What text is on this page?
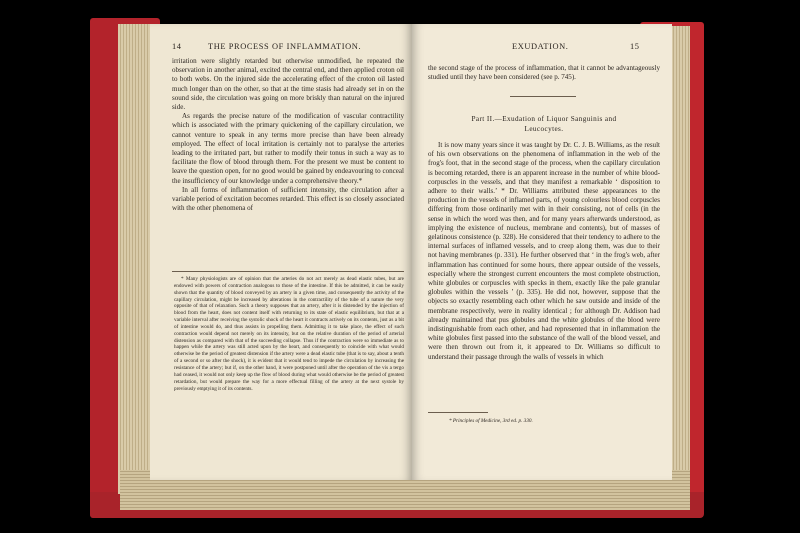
14	THE PROCESS OF INFLAMMATION.

irritation were slightly retarded but otherwise unmodified, he repeated the observation in another animal, excited the central end, and then applied croton oil to both webs. On the injured side the accelerating effect of the croton oil lasted much longer than on the other, so that at the time stasis had already set in on the sound side, the circulation was going on more briskly than natural on the injured side.

As regards the precise nature of the modification of vascular contractility which is associated with the primary quickening of the capillary circulation, we cannot venture to speak in any terms more precise than have been already employed. The effect of local irritation is certainly not to paralyse the arteries leading to the irritated part, but rather to modify their tonus in such a way as to facilitate the flow of blood through them. For the present we must be content to leave the question open, for no good would be gained by endeavouring to conceal the insufficiency of our knowledge under a comprehensive theory.*

In all forms of inflammation of sufficient intensity, the circulation after a variable period of excitation becomes retarded. This effect is so closely associated with the other phenomena of

* Many physiologists are of opinion that the arteries do not act merely as dead elastic tubes, but are endowed with powers of contraction analogous to those of the intestine. If this be admitted, it can be easily shown that the quantity of blood conveyed by an artery in a given time, and consequently the activity of the capillary circulation, might be increased by alterations in the contractility of the tube of a nature the very opposite of that of relaxation. Such a theory supposes that an artery, after it is distended by the injection of blood from the heart, does not content itself with returning to its state of elastic equilibrium, but that at a variable interval after receiving the systolic shock of the heart it contracts actively on its contents, just as a bit of intestine would do, and thus assists in propelling them. Admitting it to take place, the effect of such contraction would depend not merely on its intensity, but on the relative duration of the period of arterial distension as compared with that of the succeeding collapse. Thus if the contraction were so immediate as to happen while the artery was still acted upon by the heart, and consequently to coincide with what would otherwise be the period of greatest distension if the artery were a dead elastic tube (that is to say, about a tenth of a second or so after the shock), it is evident that it would tend to impede the circulation by increasing the resistance of the artery; but if, on the other hand, it were postponed until after the operation of the vis a tergo had ceased, it would not only keep up the flow of blood during what would otherwise be the period of greatest retardation, but would prepare the way for a more effectual filling of the artery at the next systole by previously emptying it of its contents.

EXUDATION.	15

the second stage of the process of inflammation, that it cannot be advantageously studied until they have been considered (see p. 745).

Part II.—Exudation of Liquor Sanguinis and
Leucocytes.

It is now many years since it was taught by Dr. C. J. B. Williams, as the result of his own observations on the phenomena of inflammation in the web of the frog's foot, that in the second stage of the process, when the capillary circulation is becoming retarded, there is an apparent increase in the number of white blood-corpuscles in the vessels, and that they manifest a remarkable ‘ disposition to adhere to their walls.’ * Dr. Williams attributed these appearances to the production in the vessels of inflamed parts, of young colourless blood corpuscles differing from those ordinarily met with in their consisting, not of cells (in the sense in which the word was then, and for many years afterwards understood, as implying the existence of nucleus, membrane and contents), but of masses of gelatinous consistence (p. 328). He considered that their tendency to adhere to the internal surfaces of inflamed vessels, and to creep along them, was due to their not having membranes (p. 331). He further observed that ‘ in the frog's web, after inflammation has continued for some hours, there appear outside of the vessels, especially where the strongest current encounters the most complete obstruction, white globules or corpuscles with specks in them, exactly like the pale granular globules within the vessels ’ (p. 335). He did not, however, suppose that the objects so exactly resembling each other which he saw outside and inside of the membrane respectively, were in reality identical ; for although Dr. Addison had already maintained that pus globules and the white globules of the blood were indistinguishable from each other, and had represented that in inflammation the white globules first passed into the substance of the wall of the blood vessel, and were then thrown out from it, it appeared to Dr. Williams so difficult to understand their passage through the walls of vessels in which

* Principles of Medicine, 3rd ed. p. 330.
